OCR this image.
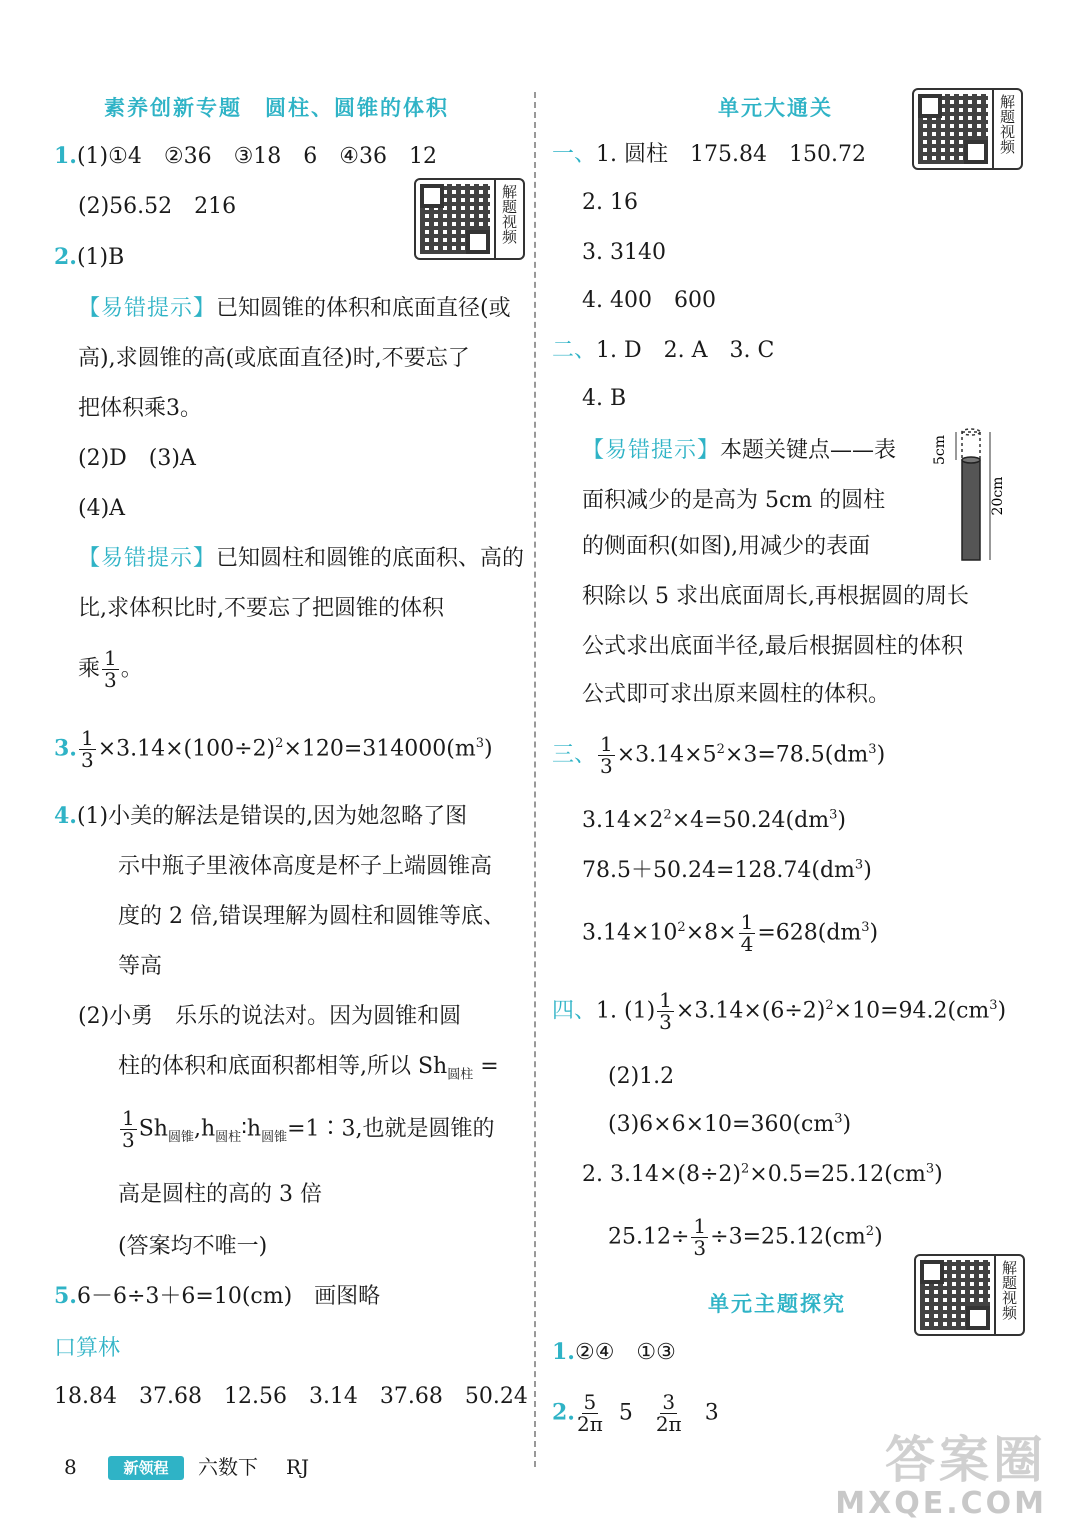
素养创新专题　圆柱、圆锥的体积
1.(1)①4　②36　③18　6　④36　12
(2)56.52　216	解题视频
2.(1)B
【易错提示】已知圆锥的体积和底面直径(或
高),求圆锥的高(或底面直径)时,不要忘了
把体积乘3。
(2)D　(3)A
(4)A
【易错提示】已知圆柱和圆锥的底面积、高的
比,求体积比时,不要忘了把圆锥的体积
乘 $\frac{1}{3}$ 。
3. $\frac{1}{3} \times 3.14\times(100\div 2)^2\times 120=314000(m^3)$
4.(1)小美的解法是错误的,因为她忽略了图
示中瓶子里液体高度是杯子上端圆锥高
度的 2 倍,错误理解为圆柱和圆锥等底、
等高
(2)小勇　乐乐的说法对。因为圆锥和圆
柱的体积和底面积都相等,所以 $Sh_{圆柱}$ =
$\frac{1}{3}$ $Sh_{圆锥},h_{圆柱}∶h_{圆锥}=1∶3$,也就是圆锥的
高是圆柱的高的 3 倍
(答案均不唯一)
5.6－6÷3＋6=10(cm)　画图略
口算林
18.84　37.68　12.56　3.14　37.68　50.24
单元大通关	解题视频
一、1. 圆柱　175.84　150.72
2. 16
3. 3140
4. 400　600
二、1. D　2. A　3. C
4. B
【易错提示】本题关键点——表
面积减少的是高为 5cm 的圆柱
的侧面积(如图),用减少的表面
积除以 5 求出底面周长,再根据圆的周长
公式求出底面半径,最后根据圆柱的体积
公式即可求出原来圆柱的体积。
5cm
20cm
三、 $\frac{1}{3} \times 3.14\times 5^2\times 3=78.5(dm^3)$
$3.14\times 2^2\times 4=50.24(dm^3)$
$78.5+50.24=128.74(dm^3)$
$3.14\times 10^2\times 8\times \frac{1}{4} =628(dm^3)$
四、1. $(1) \frac{1}{3} \times 3.14\times(6\div 2)^2\times 10=94.2(cm^3)$
(2)1.2
$(3)6\times 6\times 10=360(cm^3)$
2. $3.14\times(8\div 2)^2\times 0.5=25.12(cm^3)$
$25.12\div \frac{1}{3} \div 3=25.12(cm^2)$
解题视频
单元主题探究
1.②④　①③
2. $\frac{5}{2\pi} 5 \frac{3}{2\pi} 3$
8	新领程	六数下 RJ	答案圈
MXQE.COM
